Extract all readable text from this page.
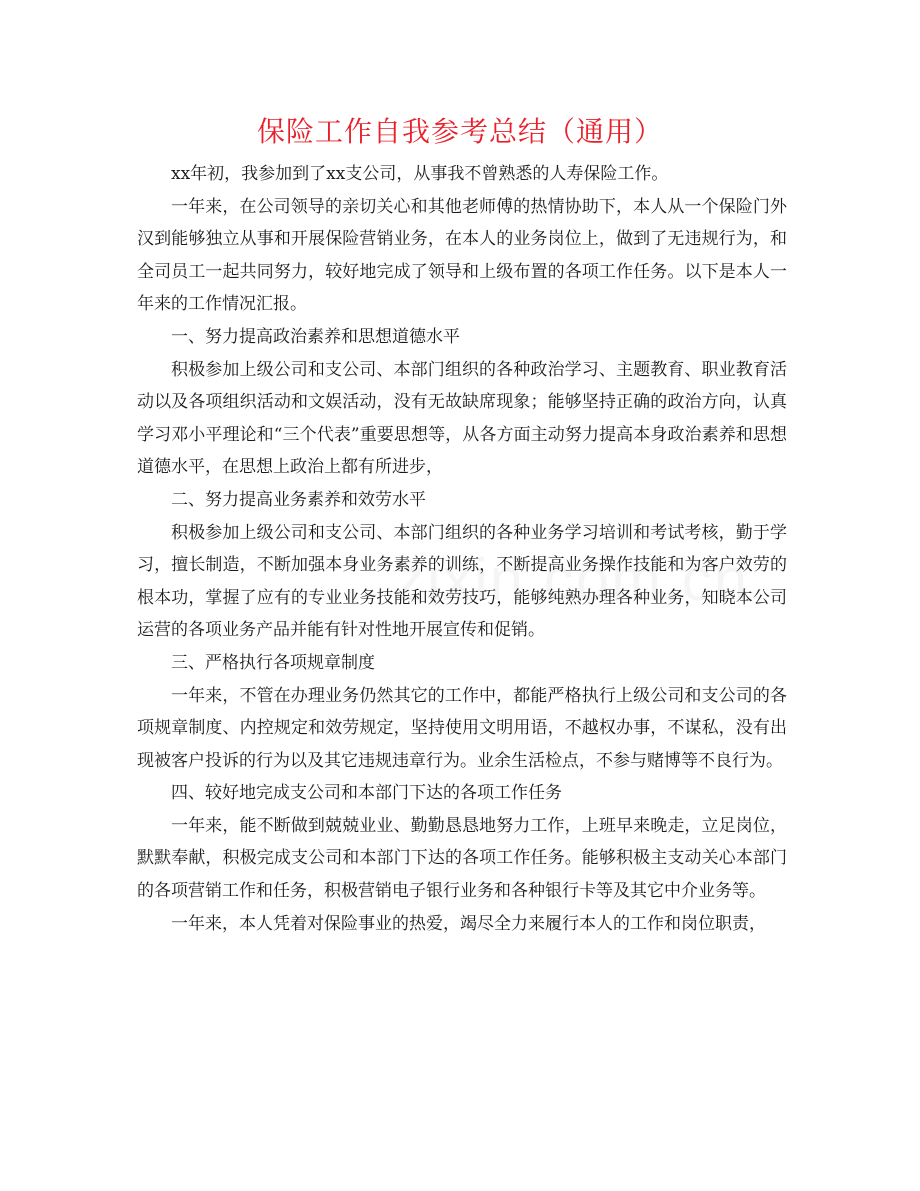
保险工作自我参考总结（通用）

xx年初，我参加到了xx支公司，从事我不曾熟悉的人寿保险工作。

一年来，在公司领导的亲切关心和其他老师傅的热情协助下，本人从一个保险门外汉到能够独立从事和开展保险营销业务，在本人的业务岗位上，做到了无违规行为，和全司员工一起共同努力，较好地完成了领导和上级布置的各项工作任务。以下是本人一年来的工作情况汇报。

一、努力提高政治素养和思想道德水平

积极参加上级公司和支公司、本部门组织的各种政治学习、主题教育、职业教育活动以及各项组织活动和文娱活动，没有无故缺席现象；能够坚持正确的政治方向，认真学习邓小平理论和“三个代表”重要思想等，从各方面主动努力提高本身政治素养和思想道德水平，在思想上政治上都有所进步，

二、努力提高业务素养和效劳水平

积极参加上级公司和支公司、本部门组织的各种业务学习培训和考试考核，勤于学习，擅长制造，不断加强本身业务素养的训练，不断提高业务操作技能和为客户效劳的根本功，掌握了应有的专业业务技能和效劳技巧，能够纯熟办理各种业务，知晓本公司运营的各项业务产品并能有针对性地开展宣传和促销。

三、严格执行各项规章制度

一年来，不管在办理业务仍然其它的工作中，都能严格执行上级公司和支公司的各项规章制度、内控规定和效劳规定，坚持使用文明用语，不越权办事，不谋私，没有出现被客户投诉的行为以及其它违规违章行为。业余生活检点，不参与赌博等不良行为。

四、较好地完成支公司和本部门下达的各项工作任务

一年来，能不断做到兢兢业业、勤勤恳恳地努力工作，上班早来晚走，立足岗位，默默奉献，积极完成支公司和本部门下达的各项工作任务。能够积极主支动关心本部门的各项营销工作和任务，积极营销电子银行业务和各种银行卡等及其它中介业务等。

一年来，本人凭着对保险事业的热爱，竭尽全力来履行本人的工作和岗位职责，
